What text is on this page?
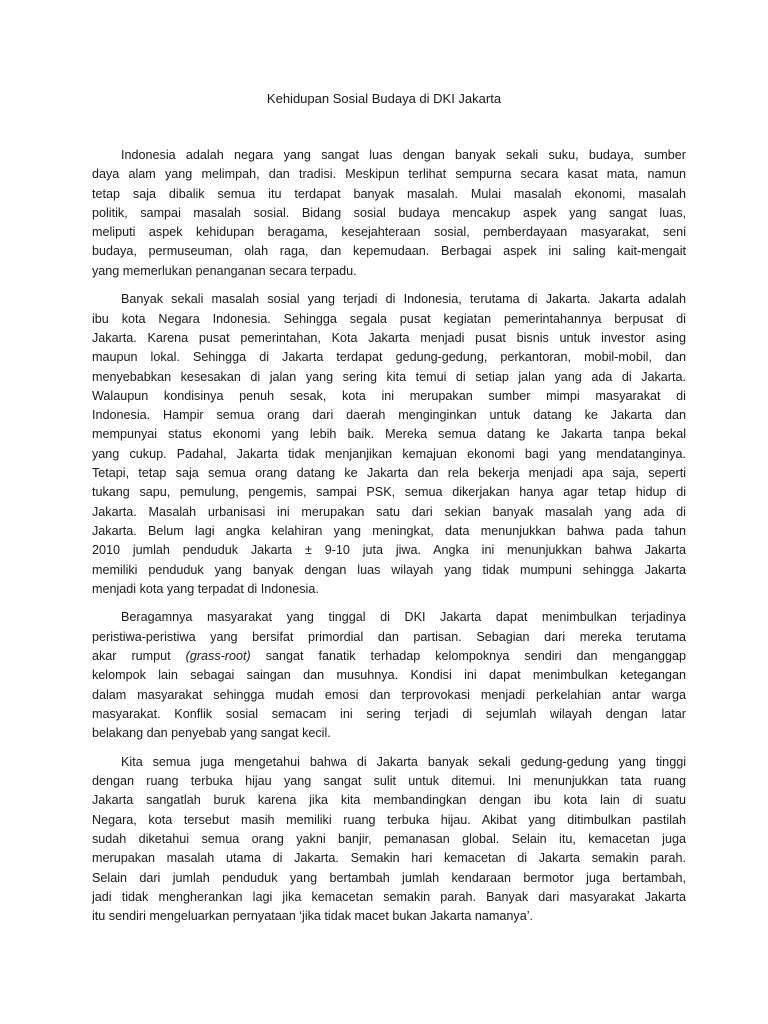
Kehidupan Sosial Budaya di DKI Jakarta
Indonesia adalah negara yang sangat luas dengan banyak sekali suku, budaya, sumber
daya alam yang melimpah, dan tradisi. Meskipun terlihat sempurna secara kasat mata, namun
tetap saja dibalik semua itu terdapat banyak masalah. Mulai masalah ekonomi, masalah
politik, sampai masalah sosial. Bidang sosial budaya mencakup aspek yang sangat luas,
meliputi aspek kehidupan beragama, kesejahteraan sosial, pemberdayaan masyarakat, seni
budaya, permuseuman, olah raga, dan kepemudaan. Berbagai aspek ini saling kait-mengait
yang memerlukan penanganan secara terpadu.
Banyak sekali masalah sosial yang terjadi di Indonesia, terutama di Jakarta. Jakarta adalah
ibu kota Negara Indonesia. Sehingga segala pusat kegiatan pemerintahannya berpusat di
Jakarta. Karena pusat pemerintahan, Kota Jakarta menjadi pusat bisnis untuk investor asing
maupun lokal. Sehingga di Jakarta terdapat gedung-gedung, perkantoran, mobil-mobil, dan
menyebabkan kesesakan di jalan yang sering kita temui di setiap jalan yang ada di Jakarta.
Walaupun kondisinya penuh sesak, kota ini merupakan sumber mimpi masyarakat di
Indonesia. Hampir semua orang dari daerah menginginkan untuk datang ke Jakarta dan
mempunyai status ekonomi yang lebih baik. Mereka semua datang ke Jakarta tanpa bekal
yang cukup. Padahal, Jakarta tidak menjanjikan kemajuan ekonomi bagi yang mendatanginya.
Tetapi, tetap saja semua orang datang ke Jakarta dan rela bekerja menjadi apa saja, seperti
tukang sapu, pemulung, pengemis, sampai PSK, semua dikerjakan hanya agar tetap hidup di
Jakarta. Masalah urbanisasi ini merupakan satu dari sekian banyak masalah yang ada di
Jakarta. Belum lagi angka kelahiran yang meningkat, data menunjukkan bahwa pada tahun
2010 jumlah penduduk Jakarta ± 9-10 juta jiwa. Angka ini menunjukkan bahwa Jakarta
memiliki penduduk yang banyak dengan luas wilayah yang tidak mumpuni sehingga Jakarta
menjadi kota yang terpadat di Indonesia.
Beragamnya masyarakat yang tinggal di DKI Jakarta dapat menimbulkan terjadinya
peristiwa-peristiwa yang bersifat primordial dan partisan. Sebagian dari mereka terutama
akar rumput (grass-root) sangat fanatik terhadap kelompoknya sendiri dan menganggap
kelompok lain sebagai saingan dan musuhnya. Kondisi ini dapat menimbulkan ketegangan
dalam masyarakat sehingga mudah emosi dan terprovokasi menjadi perkelahian antar warga
masyarakat. Konflik sosial semacam ini sering terjadi di sejumlah wilayah dengan latar
belakang dan penyebab yang sangat kecil.
Kita semua juga mengetahui bahwa di Jakarta banyak sekali gedung-gedung yang tinggi
dengan ruang terbuka hijau yang sangat sulit untuk ditemui. Ini menunjukkan tata ruang
Jakarta sangatlah buruk karena jika kita membandingkan dengan ibu kota lain di suatu
Negara, kota tersebut masih memiliki ruang terbuka hijau. Akibat yang ditimbulkan pastilah
sudah diketahui semua orang yakni banjir, pemanasan global. Selain itu, kemacetan juga
merupakan masalah utama di Jakarta. Semakin hari kemacetan di Jakarta semakin parah.
Selain dari jumlah penduduk yang bertambah jumlah kendaraan bermotor juga bertambah,
jadi tidak mengherankan lagi jika kemacetan semakin parah. Banyak dari masyarakat Jakarta
itu sendiri mengeluarkan pernyataan ‘jika tidak macet bukan Jakarta namanya’.
